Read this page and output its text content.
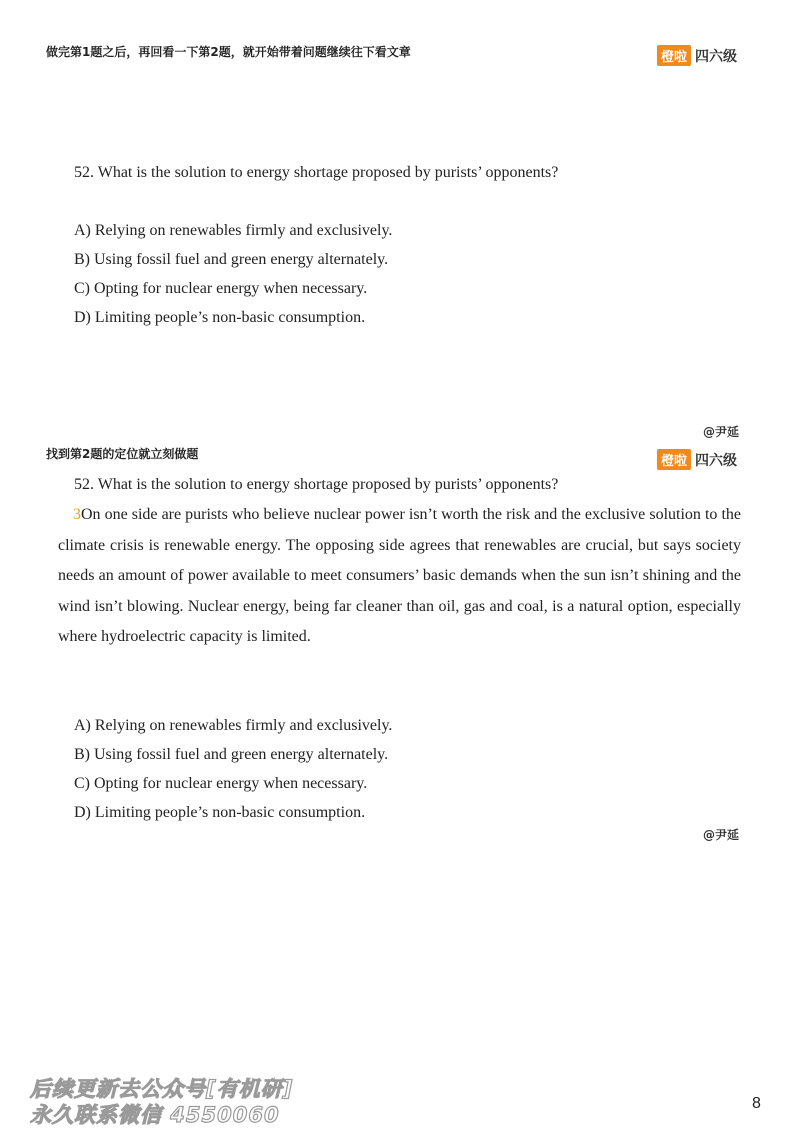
做完第1题之后，再回看一下第2题，就开始带着问题继续往下看文章	橙啦 四六级
52. What is the solution to energy shortage proposed by purists’ opponents?
A) Relying on renewables firmly and exclusively.
B) Using fossil fuel and green energy alternately.
C) Opting for nuclear energy when necessary.
D) Limiting people’s non-basic consumption.
@尹延
找到第2题的定位就立刻做题	橙啦 四六级
52. What is the solution to energy shortage proposed by purists’ opponents?
3On one side are purists who believe nuclear power isn’t worth the risk and the exclusive solution to the climate crisis is renewable energy. The opposing side agrees that renewables are crucial, but says society needs an amount of power available to meet consumers’ basic demands when the sun isn’t shining and the wind isn’t blowing. Nuclear energy, being far cleaner than oil, gas and coal, is a natural option, especially where hydroelectric capacity is limited.
A) Relying on renewables firmly and exclusively.
B) Using fossil fuel and green energy alternately.
C) Opting for nuclear energy when necessary.
D) Limiting people’s non-basic consumption.
@尹延
后续更新去公众号[有机研]
永久联系微信 4550060	8
